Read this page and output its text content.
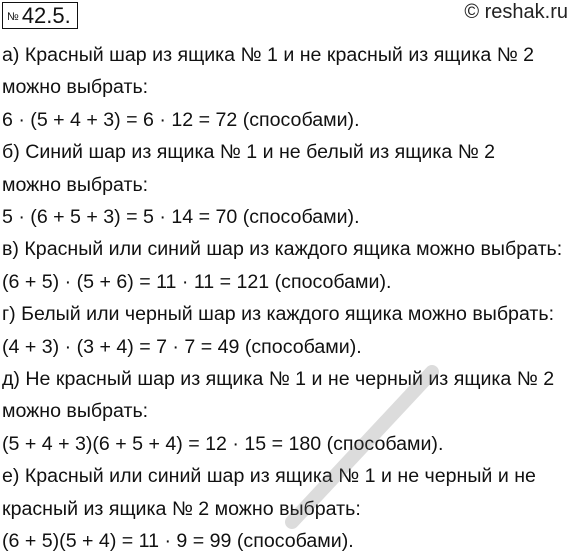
№ 42.5.	© reshak.ru
а) Красный шар из ящика № 1 и не красный из ящика № 2
можно выбрать:
6 · (5 + 4 + 3) = 6 · 12 = 72 (способами).
б) Синий шар из ящика № 1 и не белый из ящика № 2
можно выбрать:
5 · (6 + 5 + 3) = 5 · 14 = 70 (способами).
в) Красный или синий шар из каждого ящика можно выбрать:
(6 + 5) · (5 + 6) = 11 · 11 = 121 (способами).
г) Белый или черный шар из каждого ящика можно выбрать:
(4 + 3) · (3 + 4) = 7 · 7 = 49 (способами).
д) Не красный шар из ящика № 1 и не черный из ящика № 2
можно выбрать:
(5 + 4 + 3)(6 + 5 + 4) = 12 · 15 = 180 (способами).
е) Красный или синий шар из ящика № 1 и не черный и не
красный из ящика № 2 можно выбрать:
(6 + 5)(5 + 4) = 11 · 9 = 99 (способами).
